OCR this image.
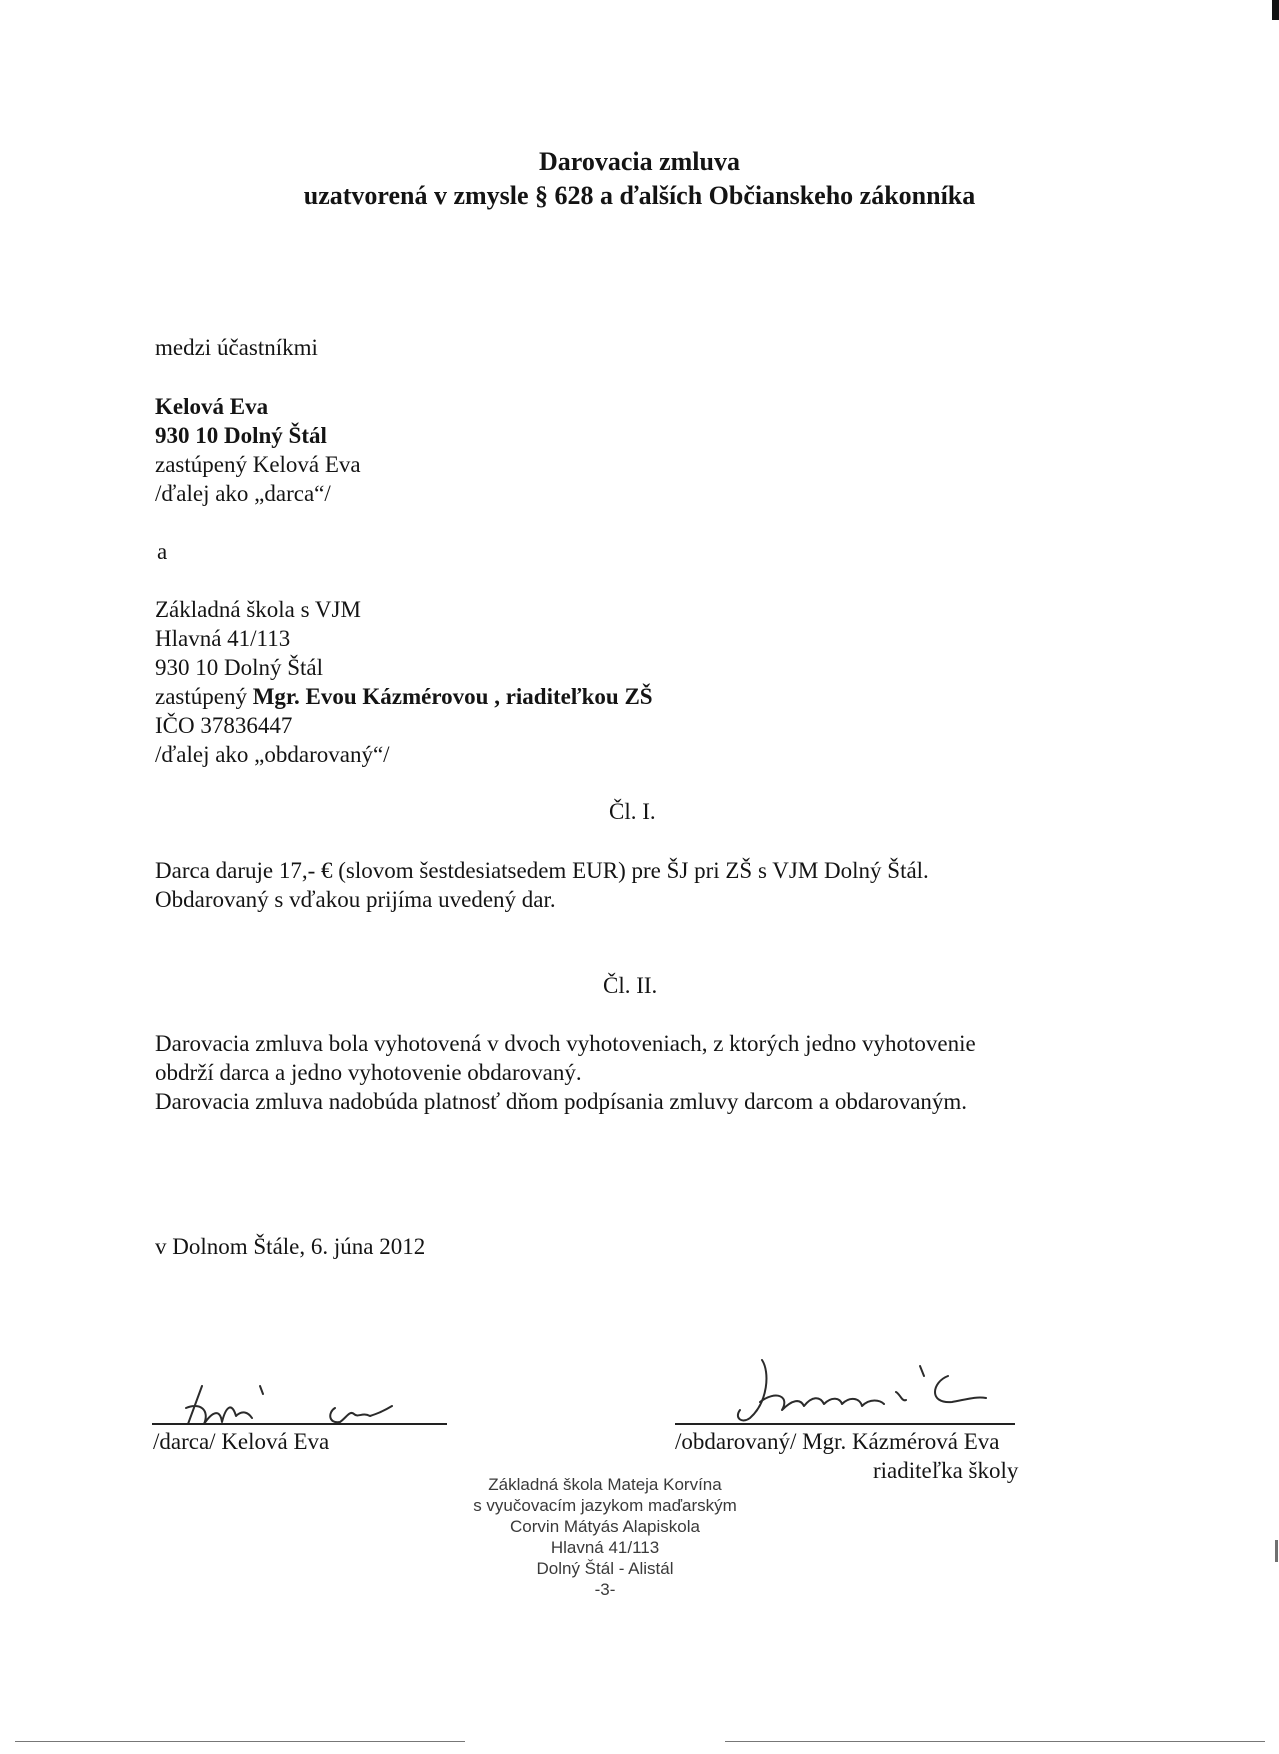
Darovacia zmluva
uzatvorená v zmysle § 628 a ďalších Občianskeho zákonníka
medzi účastníkmi
Kelová Eva
930 10 Dolný Štál
zastúpený Kelová Eva
/ďalej ako „darca“/
a
Základná škola s VJM
Hlavná 41/113
930 10 Dolný Štál
zastúpený Mgr. Evou Kázmérovou , riaditeľkou ZŠ
IČO 37836447
/ďalej ako „obdarovaný“/
Čl. I.
Darca daruje 17,- € (slovom šestdesiatsedem EUR) pre ŠJ pri ZŠ s VJM Dolný Štál.
Obdarovaný s vďakou prijíma uvedený dar.
Čl. II.
Darovacia zmluva bola vyhotovená v dvoch vyhotoveniach, z ktorých jedno vyhotovenie
obdrží darca a jedno vyhotovenie obdarovaný.
Darovacia zmluva nadobúda platnosť dňom podpísania zmluvy darcom a obdarovaným.
v Dolnom Štále, 6. júna 2012
/darca/ Kelová Eva	/obdarovaný/ Mgr. Kázmérová Eva
riaditeľka školy
Základná škola Mateja Korvína
s vyučovacím jazykom maďarským
Corvin Mátyás Alapiskola
Hlavná 41/113
Dolný Štál - Alistál
-3-
